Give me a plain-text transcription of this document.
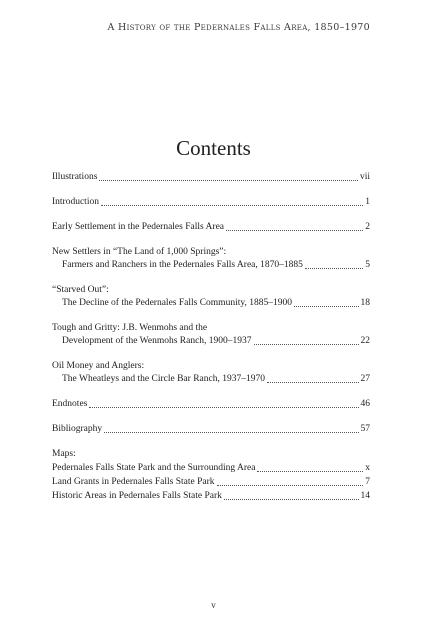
A History of the Pedernales Falls Area, 1850–1970
Contents
Illustrations	vii
Introduction	1
Early Settlement in the Pedernales Falls Area	2
New Settlers in “The Land of 1,000 Springs”:
Farmers and Ranchers in the Pedernales Falls Area, 1870–1885	5
“Starved Out”:
The Decline of the Pedernales Falls Community, 1885–1900	18
Tough and Gritty: J.B. Wenmohs and the
Development of the Wenmohs Ranch, 1900–1937	22
Oil Money and Anglers:
The Wheatleys and the Circle Bar Ranch, 1937–1970	27
Endnotes	46
Bibliography	57
Maps:
Pedernales Falls State Park and the Surrounding Area	x
Land Grants in Pedernales Falls State Park	7
Historic Areas in Pedernales Falls State Park	14
v
